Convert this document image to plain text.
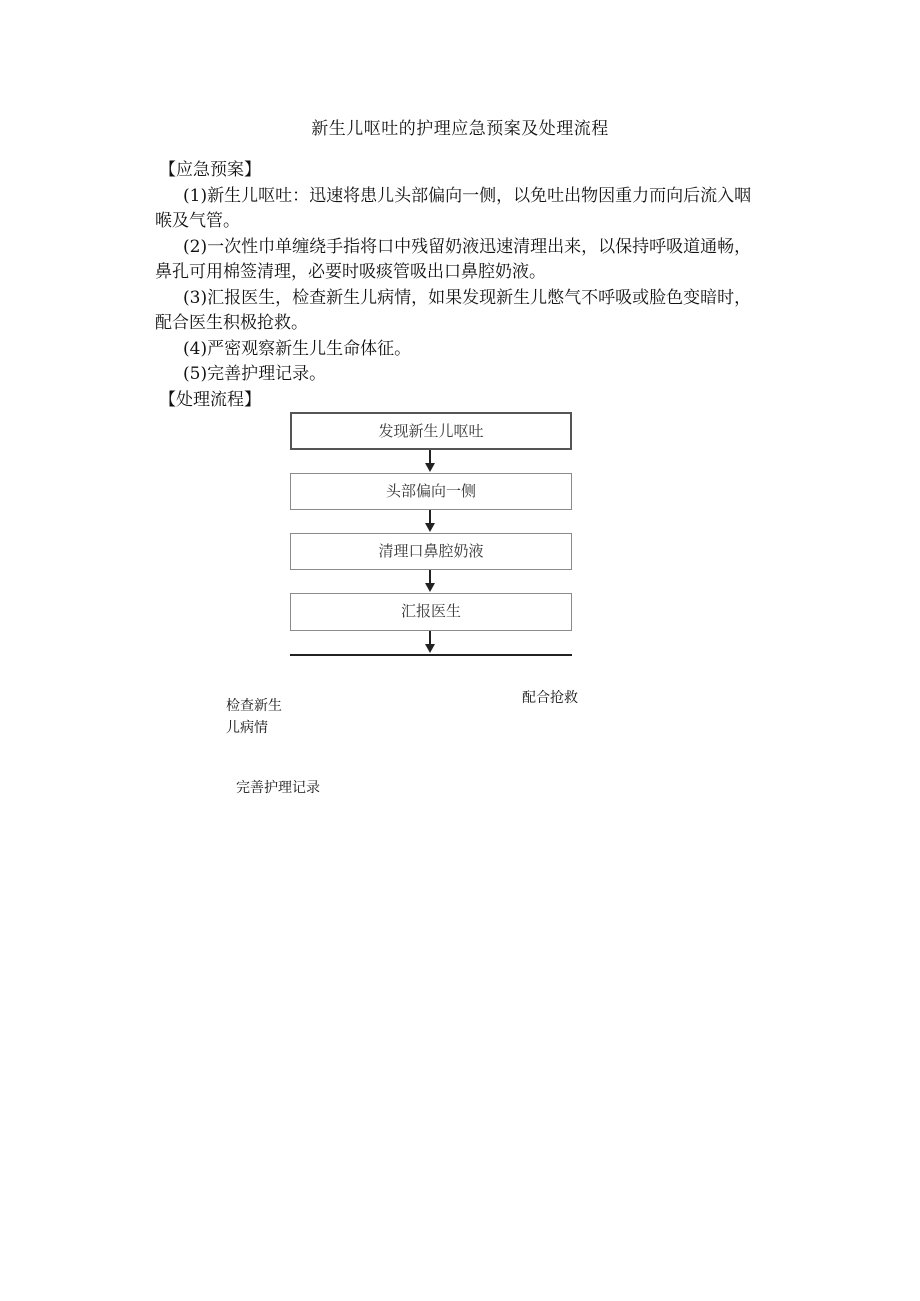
新生儿呕吐的护理应急预案及处理流程

【应急预案】

(1)新生儿呕吐：迅速将患儿头部偏向一侧，以免吐出物因重力而向后流入咽喉及气管。

(2)一次性巾单缠绕手指将口中残留奶液迅速清理出来，以保持呼吸道通畅，鼻孔可用棉签清理，必要时吸痰管吸出口鼻腔奶液。

(3)汇报医生，检查新生儿病情，如果发现新生儿憋气不呼吸或脸色变暗时，配合医生积极抢救。

(4)严密观察新生儿生命体征。

(5)完善护理记录。

【处理流程】

发现新生儿呕吐
头部偏向一侧
清理口鼻腔奶液
汇报医生
检查新生儿病情
配合抢救
完善护理记录
